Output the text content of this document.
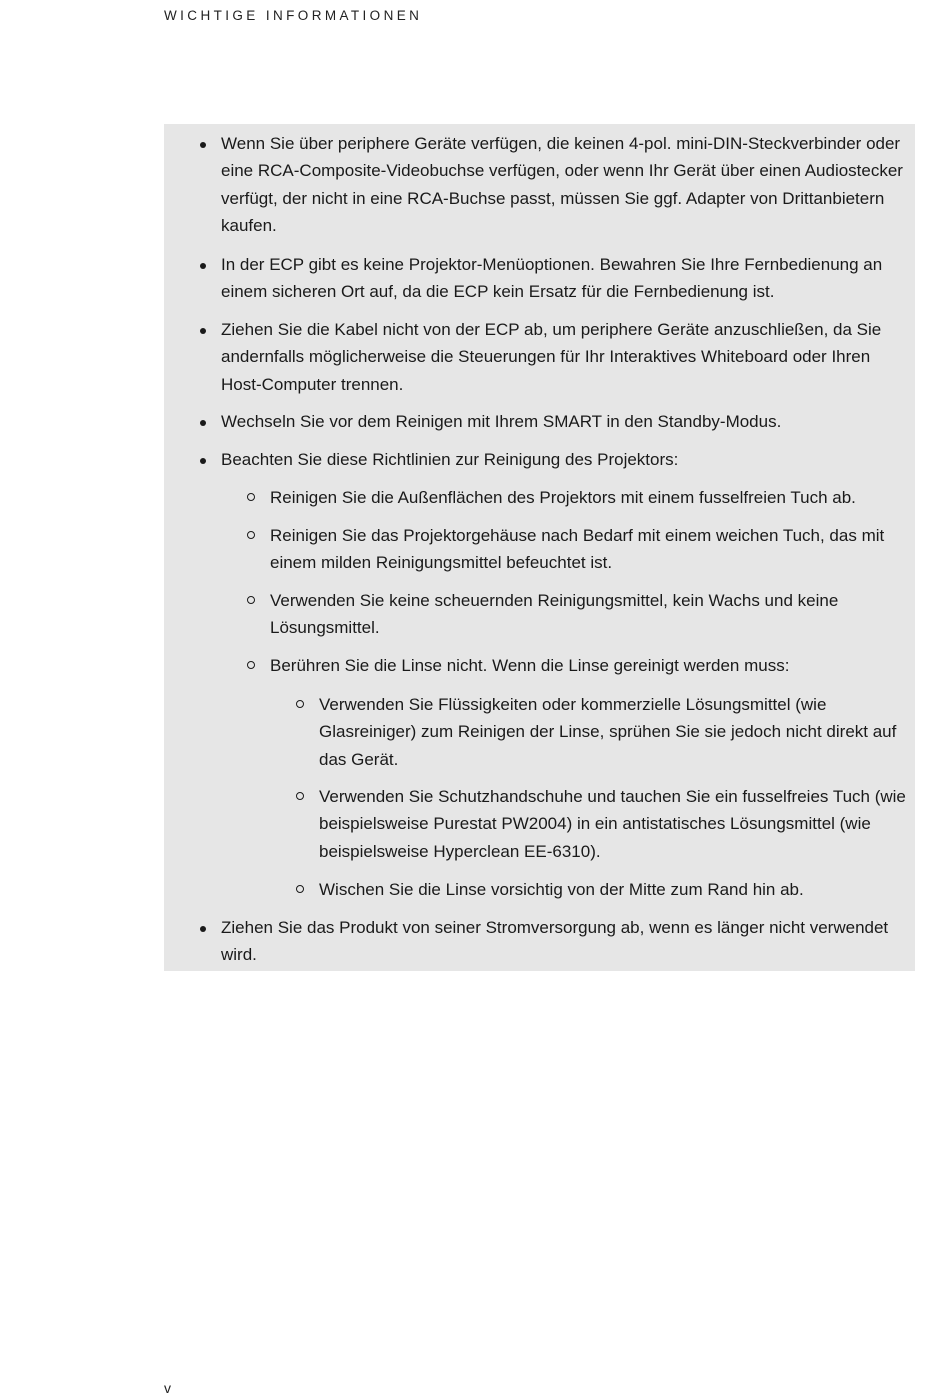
WICHTIGE INFORMATIONEN
Wenn Sie über periphere Geräte verfügen, die keinen 4-pol. mini-DIN-Steckverbinder oder eine RCA-Composite-Videobuchse verfügen, oder wenn Ihr Gerät über einen Audiostecker verfügt, der nicht in eine RCA-Buchse passt, müssen Sie ggf. Adapter von Drittanbietern kaufen.
In der ECP gibt es keine Projektor-Menüoptionen. Bewahren Sie Ihre Fernbedienung an einem sicheren Ort auf, da die ECP kein Ersatz für die Fernbedienung ist.
Ziehen Sie die Kabel nicht von der ECP ab, um periphere Geräte anzuschließen, da Sie andernfalls möglicherweise die Steuerungen für Ihr Interaktives Whiteboard oder Ihren Host-Computer trennen.
Wechseln Sie vor dem Reinigen mit Ihrem SMART in den Standby-Modus.
Beachten Sie diese Richtlinien zur Reinigung des Projektors:
Reinigen Sie die Außenflächen des Projektors mit einem fusselfreien Tuch ab.
Reinigen Sie das Projektorgehäuse nach Bedarf mit einem weichen Tuch, das mit einem milden Reinigungsmittel befeuchtet ist.
Verwenden Sie keine scheuernden Reinigungsmittel, kein Wachs und keine Lösungsmittel.
Berühren Sie die Linse nicht. Wenn die Linse gereinigt werden muss:
Verwenden Sie Flüssigkeiten oder kommerzielle Lösungsmittel (wie Glasreiniger) zum Reinigen der Linse, sprühen Sie sie jedoch nicht direkt auf das Gerät.
Verwenden Sie Schutzhandschuhe und tauchen Sie ein fusselfreies Tuch (wie beispielsweise Purestat PW2004) in ein antistatisches Lösungsmittel (wie beispielsweise Hyperclean EE-6310).
Wischen Sie die Linse vorsichtig von der Mitte zum Rand hin ab.
Ziehen Sie das Produkt von seiner Stromversorgung ab, wenn es länger nicht verwendet wird.
v
